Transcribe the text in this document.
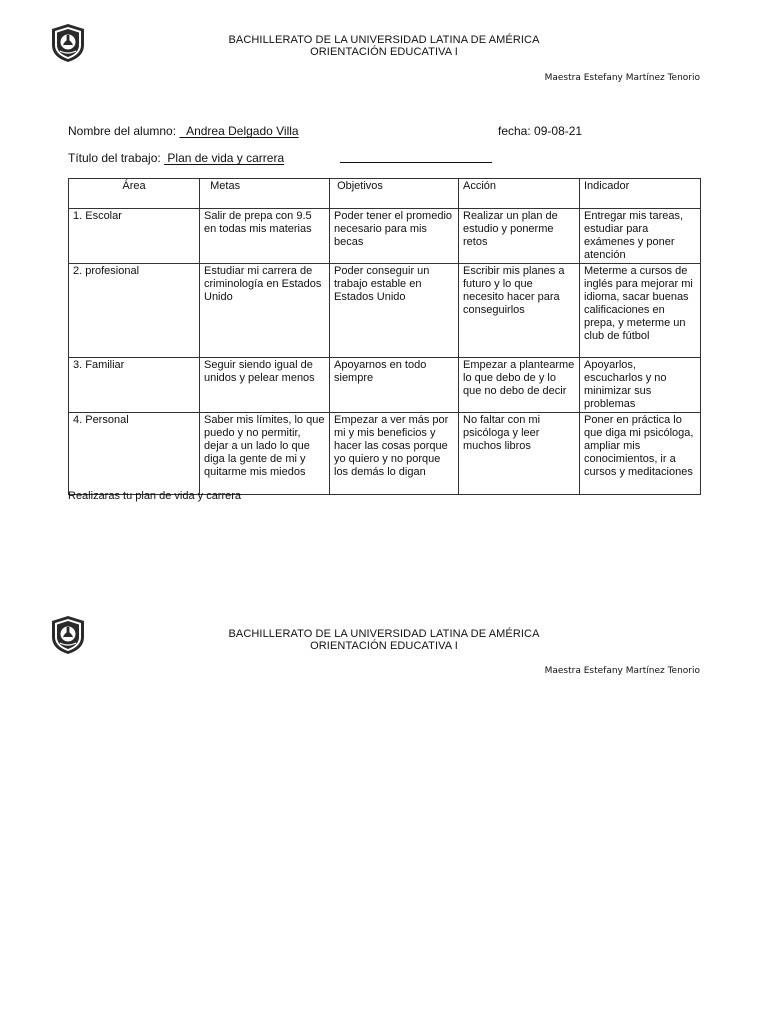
BACHILLERATO DE LA UNIVERSIDAD LATINA DE AMÉRICA
ORIENTACIÓN EDUCATIVA I
Maestra Estefany Martínez Tenorio
Nombre del alumno: Andrea Delgado Villa	fecha: 09-08-21
Título del trabajo: Plan de vida y carrera
Área	Metas	Objetivos	Acción	Indicador
1. Escolar	Salir de prepa con 9.5 en todas mis materias	Poder tener el promedio necesario para mis becas	Realizar un plan de estudio y ponerme retos	Entregar mis tareas, estudiar para exámenes y poner atención
2. profesional	Estudiar mi carrera de criminología en Estados Unido	Poder conseguir un trabajo estable en Estados Unido	Escribir mis planes a futuro y lo que necesito hacer para conseguirlos	Meterme a cursos de inglés para mejorar mi idioma, sacar buenas calificaciones en prepa, y meterme un club de fútbol
3. Familiar	Seguir siendo igual de unidos y pelear menos	Apoyarnos en todo siempre	Empezar a plantearme lo que debo de y lo que no debo de decir	Apoyarlos, escucharlos y no minimizar sus problemas
4. Personal	Saber mis límites, lo que puedo y no permitir, dejar a un lado lo que diga la gente de mi y quitarme mis miedos	Empezar a ver más por mi y mis beneficios y hacer las cosas porque yo quiero y no porque los demás lo digan	No faltar con mi psicóloga y leer muchos libros	Poner en práctica lo que diga mi psicóloga, ampliar mis conocimientos, ir a cursos y meditaciones
Realizaras tu plan de vida y carrera
BACHILLERATO DE LA UNIVERSIDAD LATINA DE AMÉRICA
ORIENTACIÓN EDUCATIVA I
Maestra Estefany Martínez Tenorio
